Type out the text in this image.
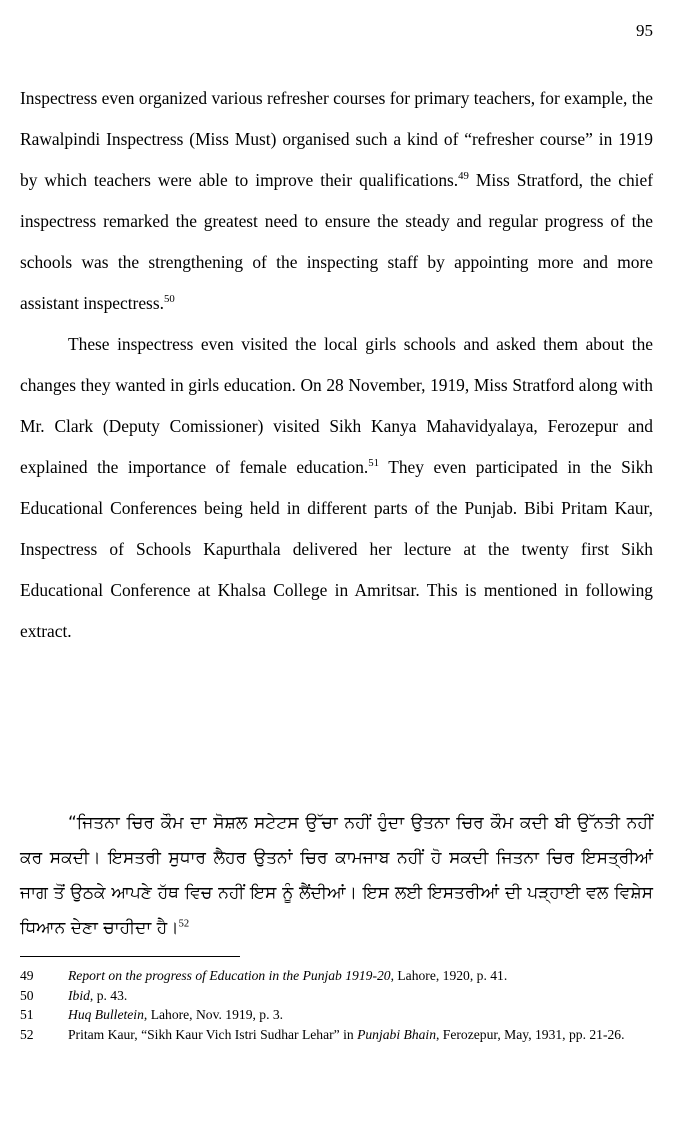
95

Inspectress even organized various refresher courses for primary teachers, for example, the Rawalpindi Inspectress (Miss Must) organised such a kind of “refresher course” in 1919 by which teachers were able to improve their qualifications.$^{49}$ Miss Stratford, the chief inspectress remarked the greatest need to ensure the steady and regular progress of the schools was the strengthening of the inspecting staff by appointing more and more assistant inspectress.$^{50}$

These inspectress even visited the local girls schools and asked them about the changes they wanted in girls education. On 28 November, 1919, Miss Stratford along with Mr. Clark (Deputy Comissioner) visited Sikh Kanya Mahavidyalaya, Ferozepur and explained the importance of female education.$^{51}$ They even participated in the Sikh Educational Conferences being held in different parts of the Punjab. Bibi Pritam Kaur, Inspectress of Schools Kapurthala delivered her lecture at the twenty first Sikh Educational Conference at Khalsa College in Amritsar. This is mentioned in following extract.

“ਜਿਤਨਾ ਚਿਰ ਕੌਮ ਦਾ ਸੋਸ਼ਲ ਸਟੇਟਸ ਉੱਚਾ ਨਹੀਂ ਹੁੰਦਾ ਉਤਨਾ ਚਿਰ ਕੌਮ ਕਦੀ ਬੀ ਉੱਨਤੀ ਨਹੀਂ ਕਰ ਸਕਦੀ। ਇਸਤਰੀ ਸੁਧਾਰ ਲੈਹਰ ਉਤਨਾਂ ਚਿਰ ਕਾਮਜਾਬ ਨਹੀਂ ਹੋ ਸਕਦੀ ਜਿਤਨਾ ਚਿਰ ਇਸਤ੍ਰੀਆਂ ਜਾਗ ਤੋਂ ਉਠਕੇ ਆਪਣੇ ਹੱਥ ਵਿਚ ਨਹੀਂ ਇਸ ਨੂੰ ਲੈਂਦੀਆਂ। ਇਸ ਲਈ ਇਸਤਰੀਆਂ ਦੀ ਪੜ੍ਹਾਈ ਵਲ ਵਿਸ਼ੇਸ ਧਿਆਨ ਦੇਣਾ ਚਾਹੀਦਾ ਹੈ।$^{52}$

49	Report on the progress of Education in the Punjab 1919-20, Lahore, 1920, p. 41.
50	Ibid, p. 43.
51	Huq Bulletein, Lahore, Nov. 1919, p. 3.
52	Pritam Kaur, “Sikh Kaur Vich Istri Sudhar Lehar” in Punjabi Bhain, Ferozepur, May, 1931, pp. 21-26.
